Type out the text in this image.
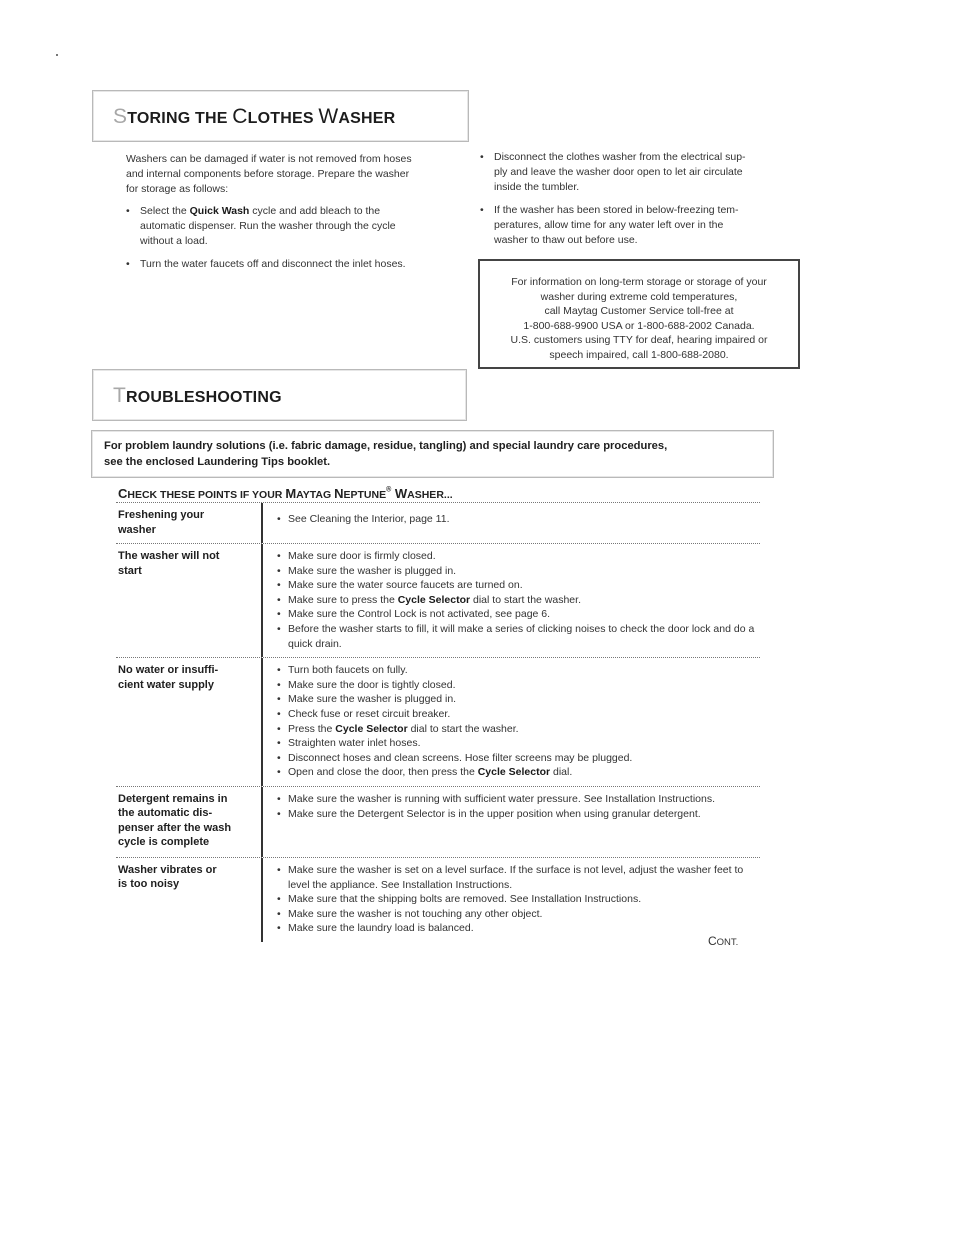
STORING THE CLOTHES WASHER
Washers can be damaged if water is not removed from hoses
and internal components before storage. Prepare the washer
for storage as follows:
• Select the Quick Wash cycle and add bleach to the
automatic dispenser. Run the washer through the cycle
without a load.
• Turn the water faucets off and disconnect the inlet hoses.
• Disconnect the clothes washer from the electrical sup-
ply and leave the washer door open to let air circulate
inside the tumbler.
• If the washer has been stored in below-freezing tem-
peratures, allow time for any water left over in the
washer to thaw out before use.
For information on long-term storage or storage of your
washer during extreme cold temperatures,
call Maytag Customer Service toll-free at
1-800-688-9900 USA or 1-800-688-2002 Canada.
U.S. customers using TTY for deaf, hearing impaired or
speech impaired, call 1-800-688-2080.
TROUBLESHOOTING
For problem laundry solutions (i.e. fabric damage, residue, tangling) and special laundry care procedures,
see the enclosed Laundering Tips booklet.
CHECK THESE POINTS IF YOUR MAYTAG NEPTUNE® WASHER...
Freshening your
washer
• See Cleaning the Interior, page 11.
The washer will not
start
• Make sure door is firmly closed.
• Make sure the washer is plugged in.
• Make sure the water source faucets are turned on.
• Make sure to press the Cycle Selector dial to start the washer.
• Make sure the Control Lock is not activated, see page 6.
• Before the washer starts to fill, it will make a series of clicking noises to check the door lock and do a quick drain.
No water or insuffi-
cient water supply
• Turn both faucets on fully.
• Make sure the door is tightly closed.
• Make sure the washer is plugged in.
• Check fuse or reset circuit breaker.
• Press the Cycle Selector dial to start the washer.
• Straighten water inlet hoses.
• Disconnect hoses and clean screens. Hose filter screens may be plugged.
• Open and close the door, then press the Cycle Selector dial.
Detergent remains in
the automatic dis-
penser after the wash
cycle is complete
• Make sure the washer is running with sufficient water pressure. See Installation Instructions.
• Make sure the Detergent Selector is in the upper position when using granular detergent.
Washer vibrates or
is too noisy
• Make sure the washer is set on a level surface. If the surface is not level, adjust the washer feet to level the appliance. See Installation Instructions.
• Make sure that the shipping bolts are removed. See Installation Instructions.
• Make sure the washer is not touching any other object.
• Make sure the laundry load is balanced.
CONT.
